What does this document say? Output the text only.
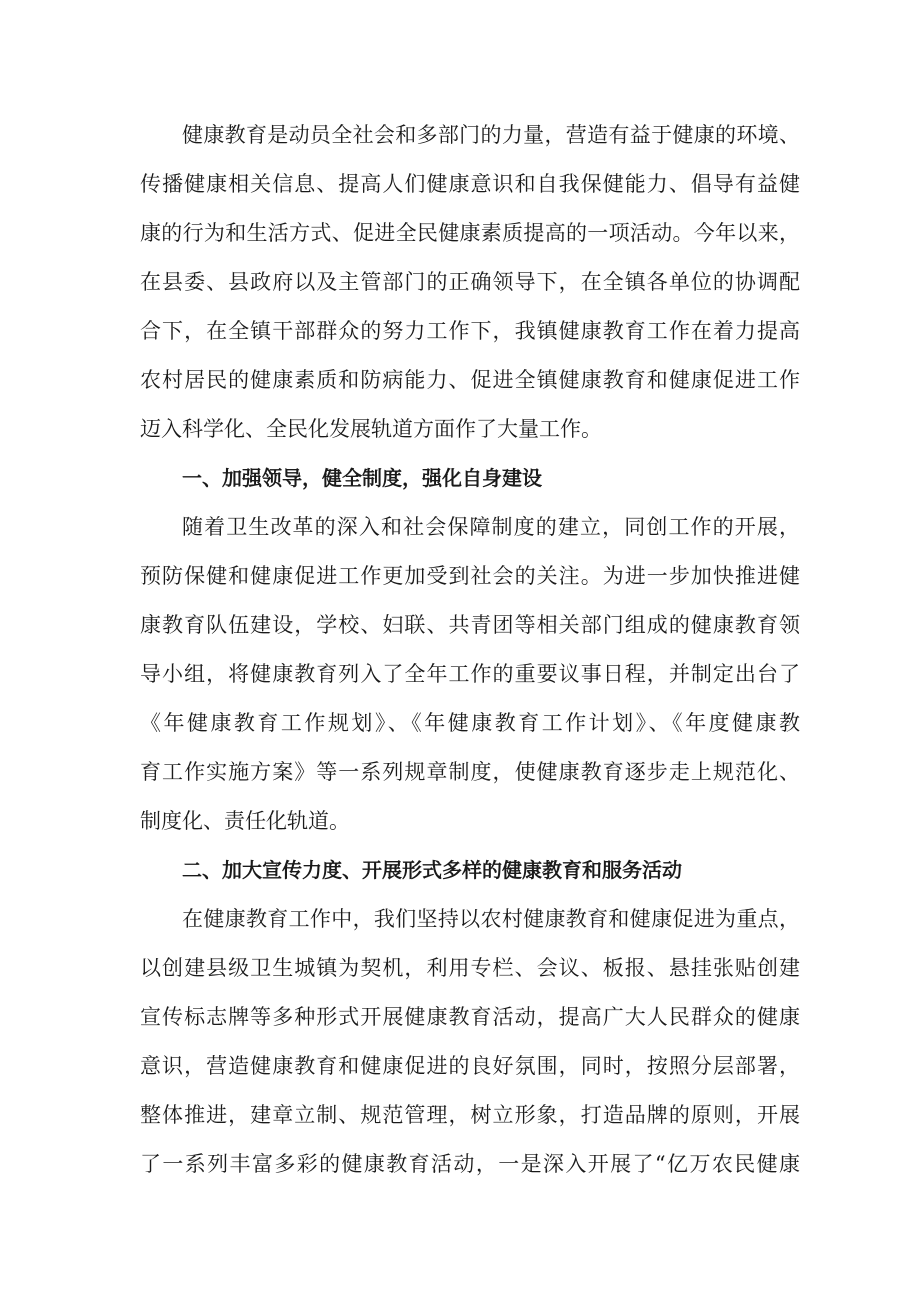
健康教育是动员全社会和多部门的力量，营造有益于健康的环境、
传播健康相关信息、提高人们健康意识和自我保健能力、倡导有益健
康的行为和生活方式、促进全民健康素质提高的一项活动。今年以来，
在县委、县政府以及主管部门的正确领导下，在全镇各单位的协调配
合下，在全镇干部群众的努力工作下，我镇健康教育工作在着力提高
农村居民的健康素质和防病能力、促进全镇健康教育和健康促进工作
迈入科学化、全民化发展轨道方面作了大量工作。
一、加强领导，健全制度，强化自身建设
随着卫生改革的深入和社会保障制度的建立，同创工作的开展，
预防保健和健康促进工作更加受到社会的关注。为进一步加快推进健
康教育队伍建设，学校、妇联、共青团等相关部门组成的健康教育领
导小组，将健康教育列入了全年工作的重要议事日程，并制定出台了
《年健康教育工作规划》、《年健康教育工作计划》、《年度健康教
育工作实施方案》等一系列规章制度，使健康教育逐步走上规范化、
制度化、责任化轨道。
二、加大宣传力度、开展形式多样的健康教育和服务活动
在健康教育工作中，我们坚持以农村健康教育和健康促进为重点，
以创建县级卫生城镇为契机，利用专栏、会议、板报、悬挂张贴创建
宣传标志牌等多种形式开展健康教育活动，提高广大人民群众的健康
意识，营造健康教育和健康促进的良好氛围，同时，按照分层部署，
整体推进，建章立制、规范管理，树立形象，打造品牌的原则，开展
了一系列丰富多彩的健康教育活动，一是深入开展了“亿万农民健康
